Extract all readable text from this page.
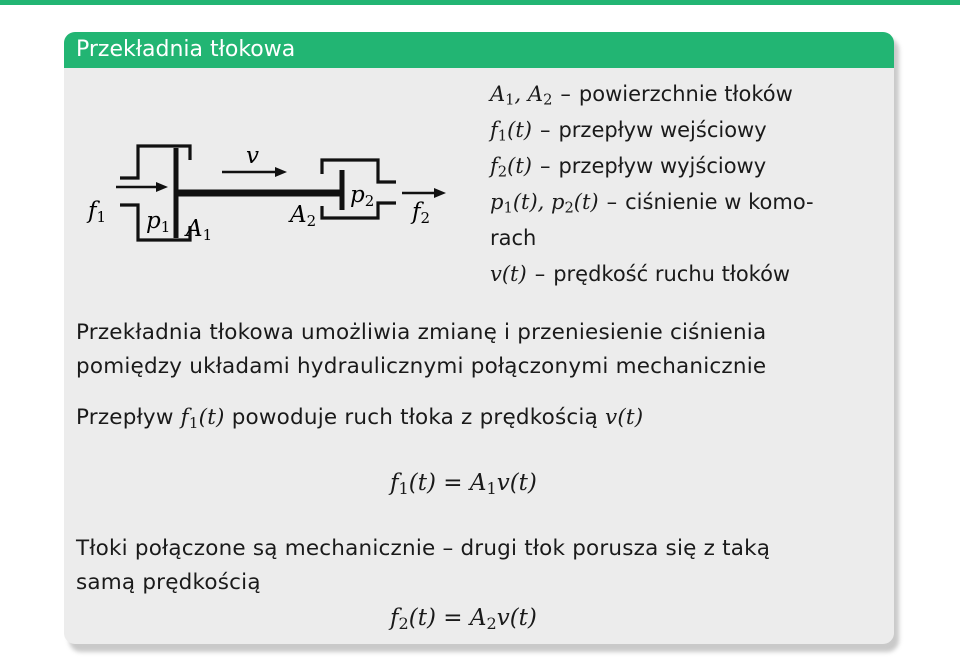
Przekładnia tłokowa
f1 p1 A1
v
A2
p2 f2
$A_1$, $A_2$ – powierzchnie tłoków
$f_1(t)$ – przepływ wejściowy
$f_2(t)$ – przepływ wyjściowy
$p_1(t)$, $p_2(t)$ – ciśnienie w komo-
rach
v(t) – prędkość ruchu tłoków
Przekładnia tłokowa umożliwia zmianę i przeniesienie ciśnienia
pomiędzy układami hydraulicznymi połączonymi mechanicznie
Przepływ $f_1(t)$ powoduje ruch tłoka z prędkością v(t)
$f_1(t) = A_1v(t)$
Tłoki połączone są mechanicznie – drugi tłok porusza się z taką
samą prędkością
$f_2(t) = A_2v(t)$
